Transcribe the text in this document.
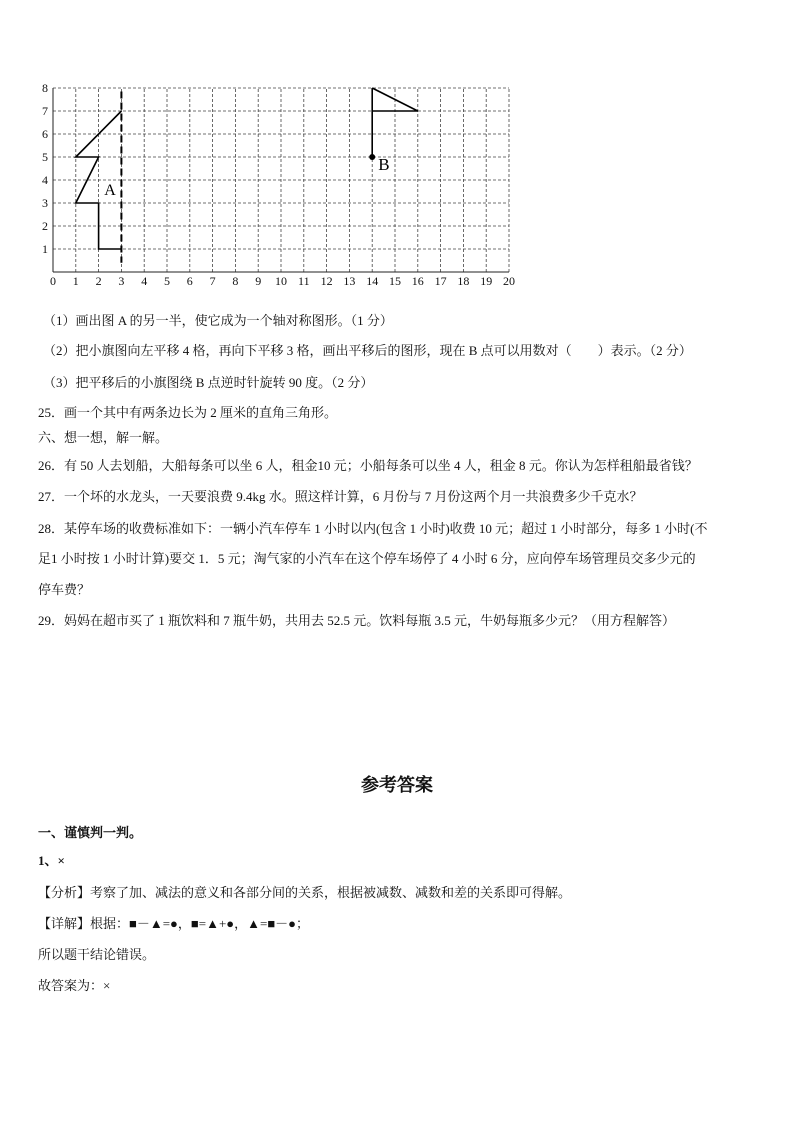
0 1 2 3 4 5 6 7 8 9 10 11 12 13 14 15 16 17 18 19 20
1
2
3
4
5
6
7
8
A
B
（1）画出图 A 的另一半，使它成为一个轴对称图形。（1 分）
（2）把小旗图向左平移 4 格，再向下平移 3 格，画出平移后的图形，现在 B 点可以用数对（　　）表示。（2 分）
（3）把平移后的小旗图绕 B 点逆时针旋转 90 度。（2 分）
25．画一个其中有两条边长为 2 厘米的直角三角形。
六、想一想，解一解。
26．有 50 人去划船，大船每条可以坐 6 人，租金10 元；小船每条可以坐 4 人，租金 8 元。你认为怎样租船最省钱？
27．一个坏的水龙头，一天要浪费 9.4kg 水。照这样计算，6 月份与 7 月份这两个月一共浪费多少千克水？
28．某停车场的收费标准如下：一辆小汽车停车 1 小时以内(包含 1 小时)收费 10 元；超过 1 小时部分，每多 1 小时(不
足1 小时按 1 小时计算)要交 1．5 元；淘气家的小汽车在这个停车场停了 4 小时 6 分，应向停车场管理员交多少元的
停车费？
29．妈妈在超市买了 1 瓶饮料和 7 瓶牛奶，共用去 52.5 元。饮料每瓶 3.5 元，牛奶每瓶多少元？（用方程解答）
参考答案
一、谨慎判一判。
1、×
【分析】考察了加、减法的意义和各部分间的关系，根据被减数、减数和差的关系即可得解。
【详解】根据：■－▲=●，■=▲+●，▲=■－●；
所以题干结论错误。
故答案为：×
